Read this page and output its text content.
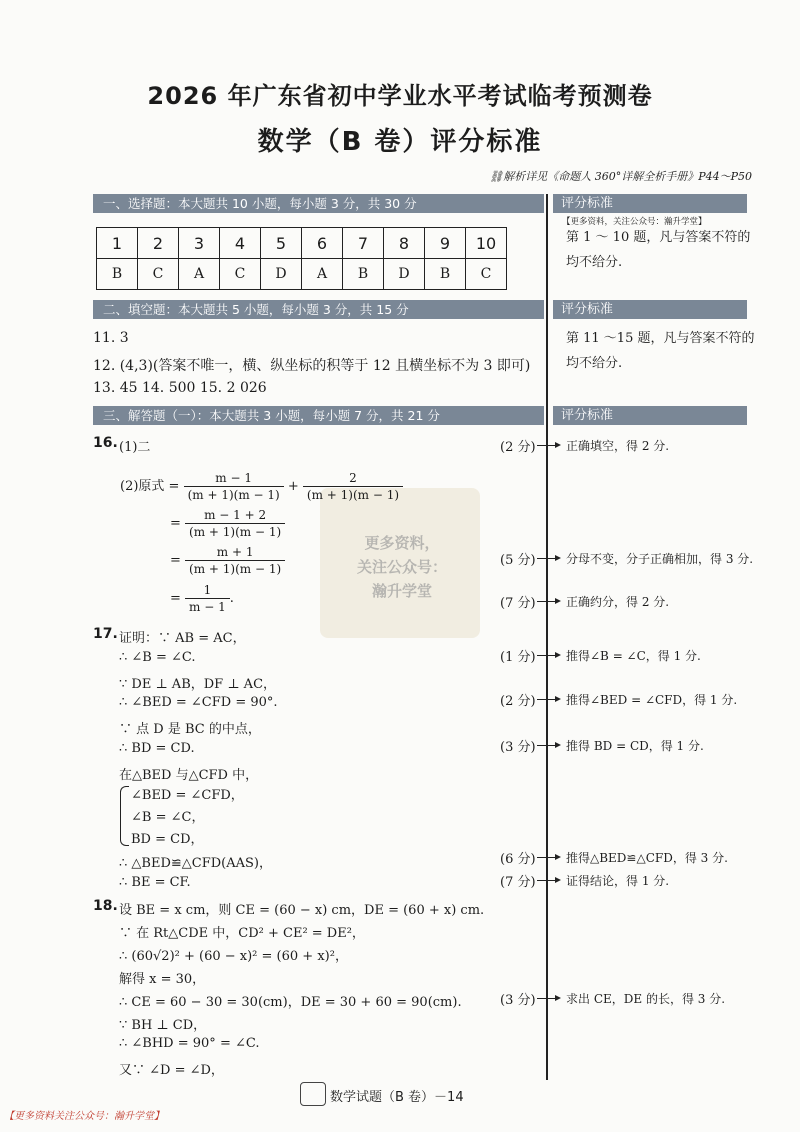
2026 年广东省初中学业水平考试临考预测卷
数学（B 卷）评分标准
⛓解析详见《命题人 360°详解全析手册》P44～P50
一、选择题：本大题共 10 小题，每小题 3 分，共 30 分	评分标准
【更多资料，关注公众号：瀚升学堂】
第 1 ～ 10 题，凡与答案不符的
均不给分.
1	2	3	4	5	6	7	8	9	10
B	C	A	C	D	A	B	D	B	C
二、填空题：本大题共 5 小题，每小题 3 分，共 15 分	评分标准
第 11 ～15 题，凡与答案不符的
均不给分.
11. 3
12. (4,3)(答案不唯一，横、纵坐标的积等于 12 且横坐标不为 3 即可)
13. 45 14. 500 15. 2 026
三、解答题（一）：本大题共 3 小题，每小题 7 分，共 21 分	评分标准
更多资料，
关注公众号：
瀚升学堂
16. (1)二
(2)原式 = $\frac{m - 1}{(m + 1)(m - 1)} + \frac{2}{(m + 1)(m - 1)}$
= $\frac{m - 1 + 2}{(m + 1)(m - 1)}$
= $\frac{m + 1}{(m + 1)(m - 1)}$
= $\frac{1}{m - 1}$ .
17. 证明：∵ AB = AC，
∴ ∠B = ∠C.
∵ DE ⊥ AB，DF ⊥ AC，
∴ ∠BED = ∠CFD = 90°.
∵ 点 D 是 BC 的中点，
∴ BD = CD.
在△BED 与△CFD 中，
∠BED = ∠CFD，
∠B = ∠C，
BD = CD，
∴ △BED≌△CFD(AAS)，
∴ BE = CF.
18. 设 BE = x cm，则 CE = (60 − x) cm，DE = (60 + x) cm.
∵ 在 Rt△CDE 中，CD² + CE² = DE²，
∴ (60√2)² + (60 − x)² = (60 + x)²，
解得 x = 30，
∴ CE = 60 − 30 = 30(cm)，DE = 30 + 60 = 90(cm).
∵ BH ⊥ CD，
∴ ∠BHD = 90° = ∠C.
又∵ ∠D = ∠D，
(2 分)	正确填空，得 2 分.
(5 分)	分母不变，分子正确相加，得 3 分.
(7 分)	正确约分，得 2 分.
(1 分)	推得∠B = ∠C，得 1 分.
(2 分)	推得∠BED = ∠CFD，得 1 分.
(3 分)	推得 BD = CD，得 1 分.
(6 分)	推得△BED≌△CFD，得 3 分.
(7 分)	证得结论，得 1 分.
(3 分)	求出 CE，DE 的长，得 3 分.
数学试题（B 卷）－14
【更多资料关注公众号：瀚升学堂】
